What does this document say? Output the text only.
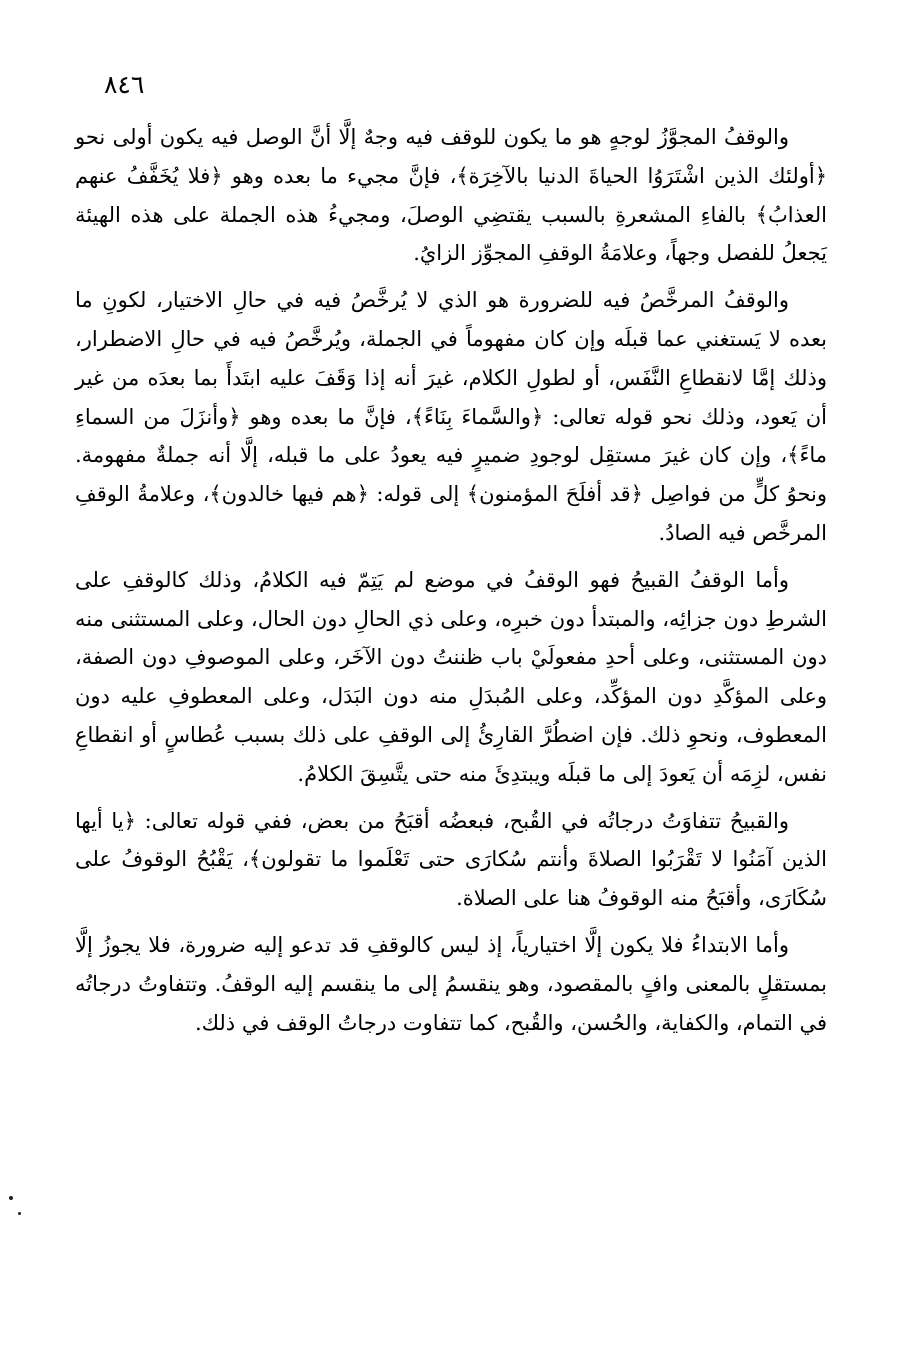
٨٤٦

والوقفُ المجوَّزُ لوجهٍ هو ما يكون للوقف فيه وجهٌ إلَّا أنَّ الوصل فيه يكون أولى نحو ﴿أولئك الذين اشْتَرَوُا الحياةَ الدنيا بالآخِرَة﴾، فإنَّ مجيء ما بعده وهو ﴿فلا يُخَفَّفُ عنهم العذابُ﴾ بالفاءِ المشعرةِ بالسبب يقتضِي الوصلَ، ومجيءُ هذه الجملة على هذه الهيئة يَجعلُ للفصل وجهاً، وعلامَةُ الوقفِ المجوِّز الزايُ.

والوقفُ المرخَّصُ فيه للضرورة هو الذي لا يُرخَّصُ فيه في حالِ الاختيار، لكونِ ما بعده لا يَستغني عما قبلَه وإن كان مفهوماً في الجملة، ويُرخَّصُ فيه في حالِ الاضطرار، وذلك إمَّا لانقطاعِ النَّفَس، أو لطولِ الكلام، غيرَ أنه إذا وَقَفَ عليه ابتَدأَ بما بعدَه من غير أن يَعود، وذلك نحو قوله تعالى: ﴿والسَّماءَ بِنَاءً﴾، فإنَّ ما بعده وهو ﴿وأنزَلَ من السماءِ ماءً﴾، وإن كان غيرَ مستقِل لوجودِ ضميرٍ فيه يعودُ على ما قبله، إلَّا أنه جملةٌ مفهومة. ونحوُ كلٍّ من فواصِل ﴿قد أفلَحَ المؤمنون﴾ إلى قوله: ﴿هم فيها خالدون﴾، وعلامةُ الوقفِ المرخَّص فيه الصادُ.

وأما الوقفُ القبيحُ فهو الوقفُ في موضع لم يَتِمّ فيه الكلامُ، وذلك كالوقفِ على الشرطِ دون جزائِه، والمبتدأ دون خبرِه، وعلى ذي الحالِ دون الحال، وعلى المستثنى منه دون المستثنى، وعلى أحدِ مفعولَيْ باب ظننتُ دون الآخَر، وعلى الموصوفِ دون الصفة، وعلى المؤكَّدِ دون المؤكِّد، وعلى المُبدَلِ منه دون البَدَل، وعلى المعطوفِ عليه دون المعطوف، ونحوِ ذلك. فإن اضطُرَّ القارِئُ إلى الوقفِ على ذلك بسبب عُطاسٍ أو انقطاعِ نفس، لزِمَه أن يَعودَ إلى ما قبلَه ويبتدِئَ منه حتى يتَّسِقَ الكلامُ.

والقبيحُ تتفاوَتُ درجاتُه في القُبح، فبعضُه أقبَحُ من بعض، ففي قوله تعالى: ﴿يا أيها الذين آمَنُوا لا تَقْرَبُوا الصلاةَ وأنتم سُكارَى حتى تَعْلَموا ما تقولون﴾، يَقْبُحُ الوقوفُ على سُكَارَى، وأقبَحُ منه الوقوفُ هنا على الصلاة.

وأما الابتداءُ فلا يكون إلَّا اختيارياً، إذ ليس كالوقفِ قد تدعو إليه ضرورة، فلا يجوزُ إلَّا بمستقلٍ بالمعنى وافٍ بالمقصود، وهو ينقسمُ إلى ما ينقسم إليه الوقفُ. وتتفاوتُ درجاتُه في التمام، والكفاية، والحُسن، والقُبح، كما تتفاوت درجاتُ الوقف في ذلك.
